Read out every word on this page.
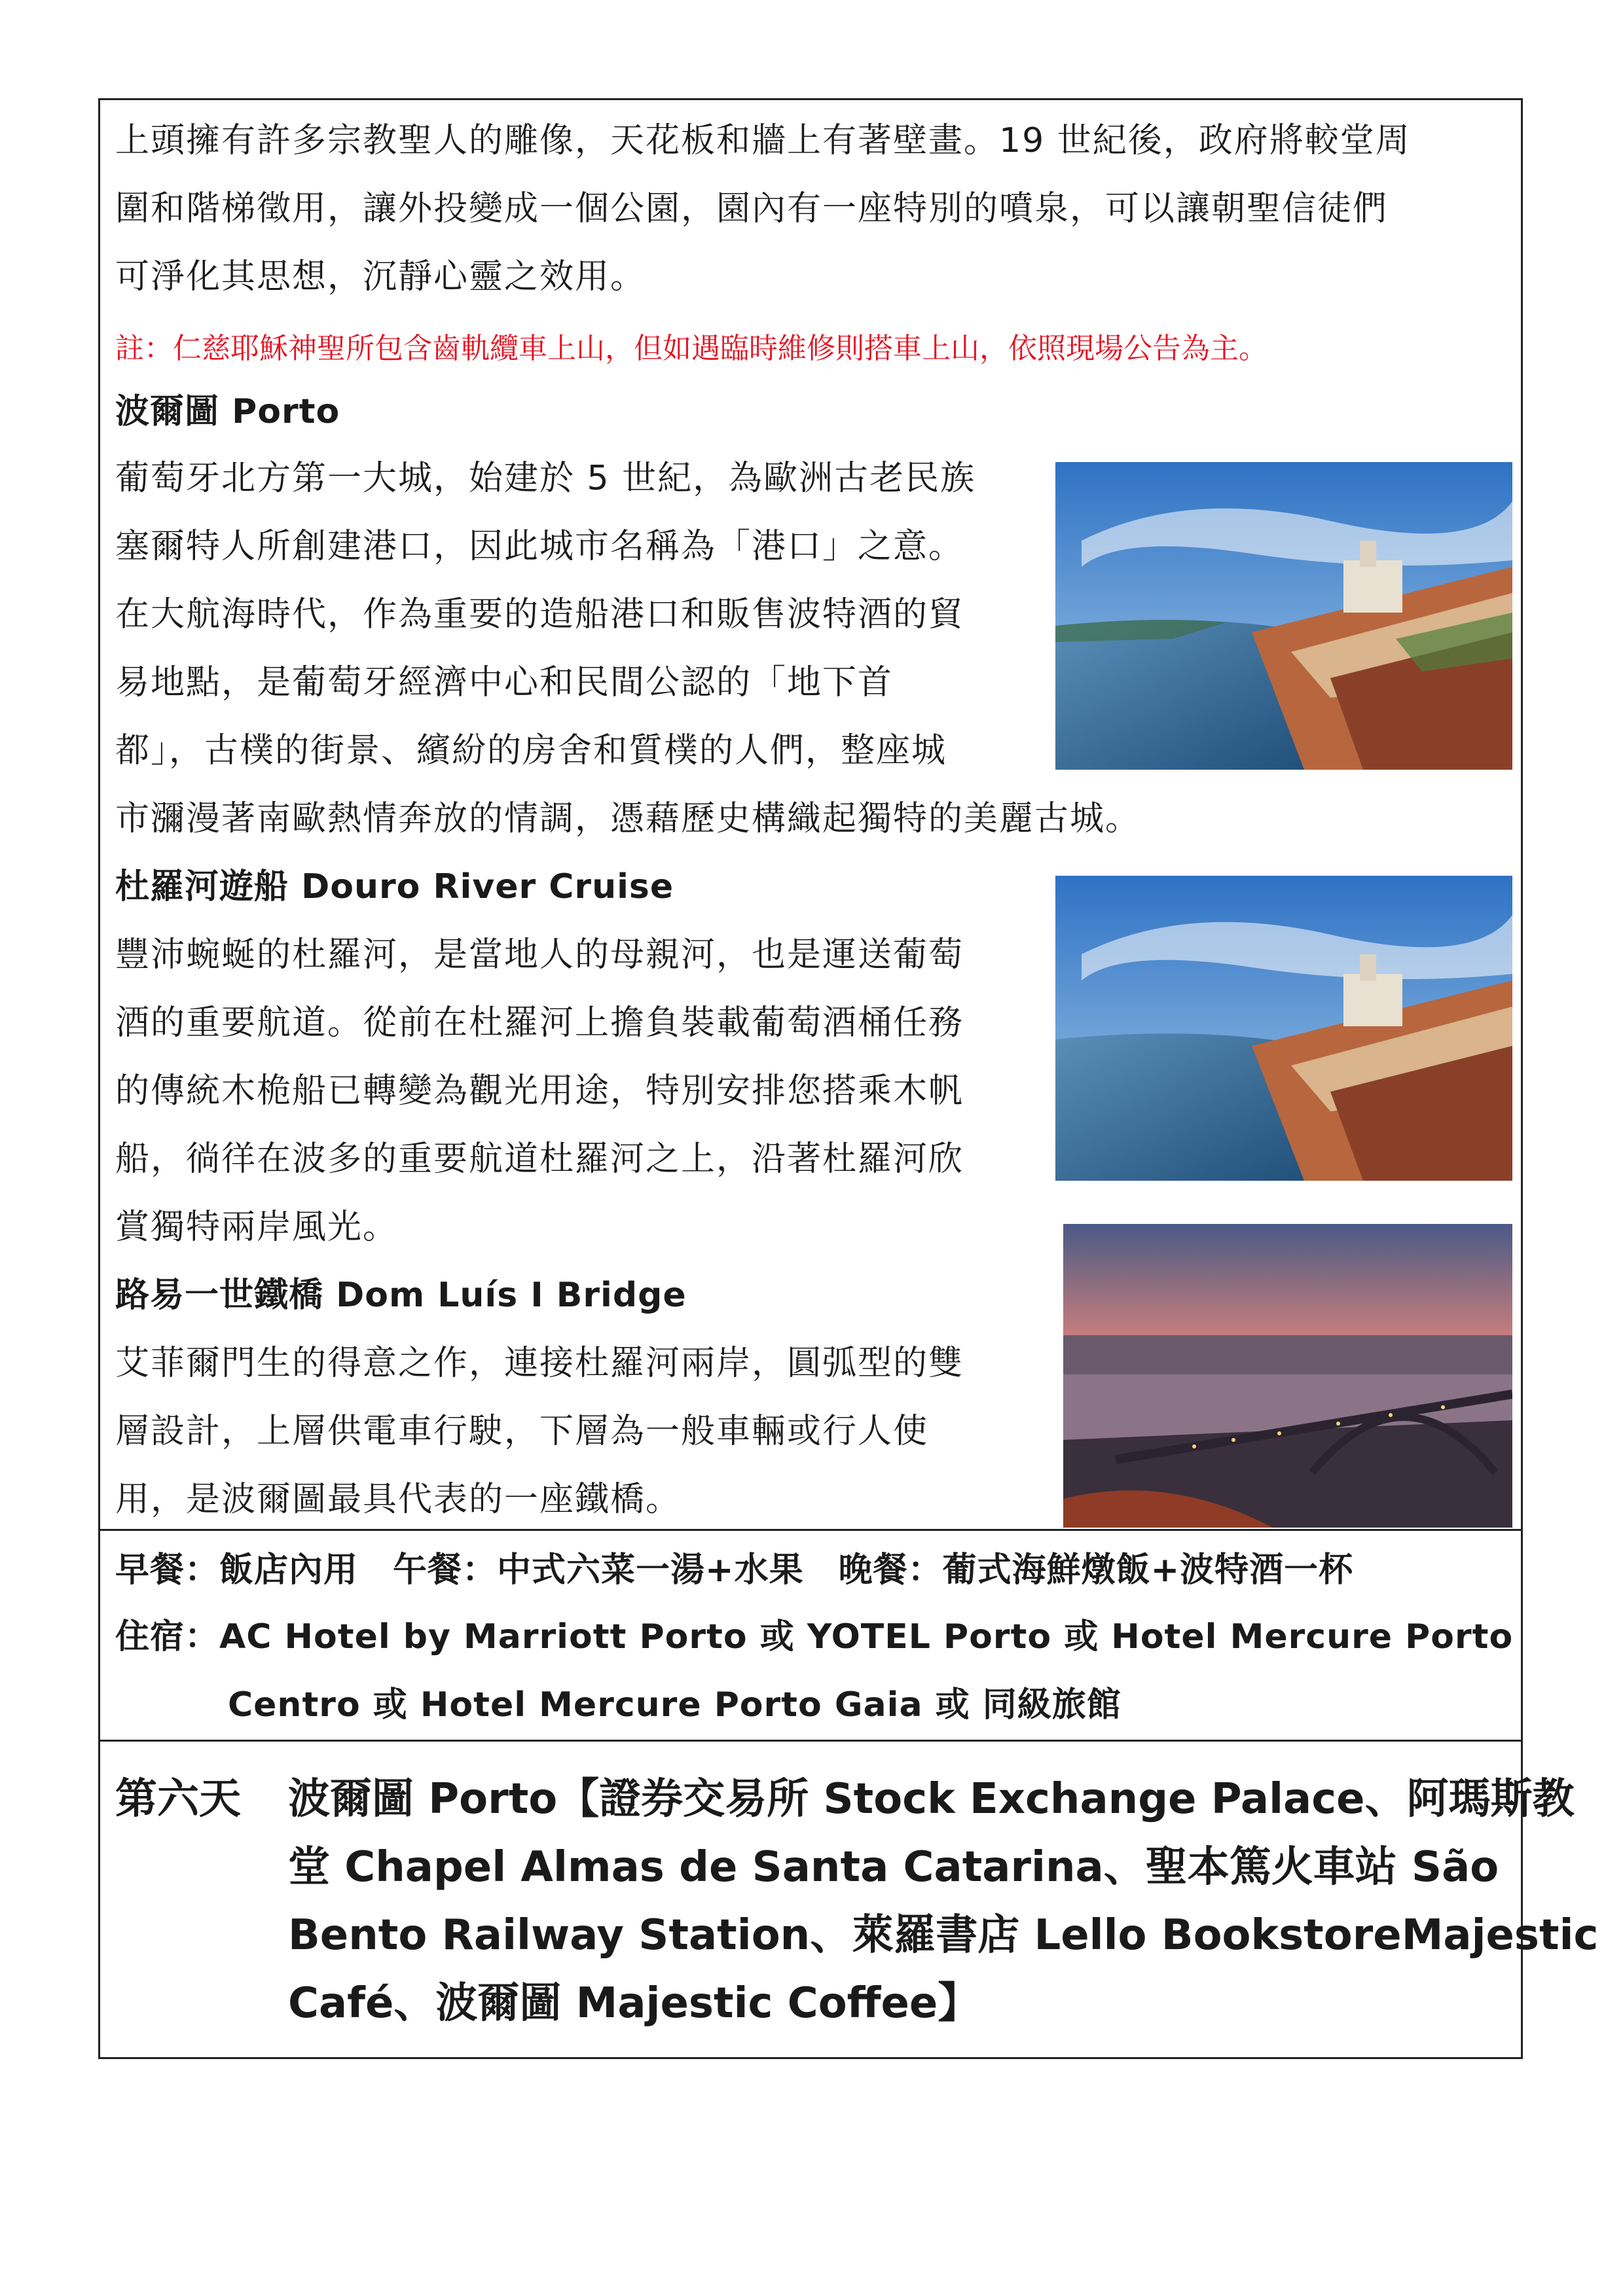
上頭擁有許多宗教聖人的雕像，天花板和牆上有著壁畫。19 世紀後，政府將較堂周
圍和階梯徵用，讓外投變成一個公園，園內有一座特別的噴泉，可以讓朝聖信徒們
可淨化其思想，沉靜心靈之效用。
註：仁慈耶穌神聖所包含齒軌纜車上山，但如遇臨時維修則搭車上山，依照現場公告為主。
波爾圖 Porto
葡萄牙北方第一大城，始建於 5 世紀，為歐洲古老民族
塞爾特人所創建港口，因此城市名稱為「港口」之意。
在大航海時代，作為重要的造船港口和販售波特酒的貿
易地點，是葡萄牙經濟中心和民間公認的「地下首
都」，古樸的街景、繽紛的房舍和質樸的人們，整座城
市瀰漫著南歐熱情奔放的情調，憑藉歷史構織起獨特的美麗古城。
杜羅河遊船 Douro River Cruise
豐沛蜿蜒的杜羅河，是當地人的母親河，也是運送葡萄
酒的重要航道。從前在杜羅河上擔負裝載葡萄酒桶任務
的傳統木桅船已轉變為觀光用途，特別安排您搭乘木帆
船，徜徉在波多的重要航道杜羅河之上，沿著杜羅河欣
賞獨特兩岸風光。
路易一世鐵橋 Dom Luís I Bridge
艾菲爾門生的得意之作，連接杜羅河兩岸，圓弧型的雙
層設計，上層供電車行駛，下層為一般車輛或行人使
用，是波爾圖最具代表的一座鐵橋。
早餐：飯店內用　午餐：中式六菜一湯+水果　晚餐：葡式海鮮燉飯+波特酒一杯
住宿：AC Hotel by Marriott Porto 或 YOTEL Porto 或 Hotel Mercure Porto
Centro 或 Hotel Mercure Porto Gaia 或 同級旅館
第六天 波爾圖 Porto【證券交易所 Stock Exchange Palace、阿瑪斯教
堂 Chapel Almas de Santa Catarina、聖本篤火車站 São
Bento Railway Station、萊羅書店 Lello BookstoreMajestic
Café、波爾圖 Majestic Coffee】
